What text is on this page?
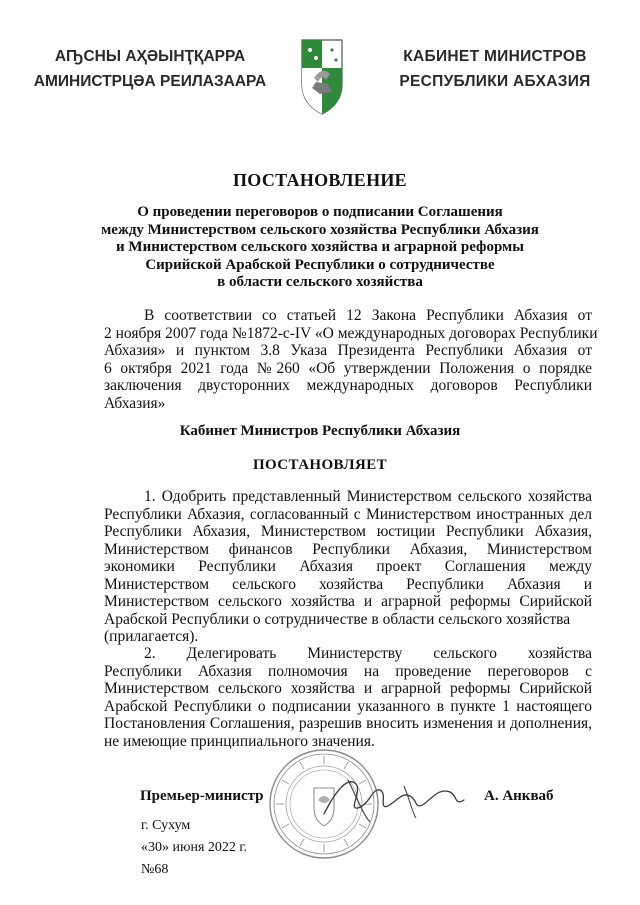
АҦСНЫ АҲӘЫНҬҚАРРА
АМИНИСТРЦӘА РЕИЛАЗААРА
КАБИНЕТ МИНИСТРОВ
РЕСПУБЛИКИ АБХАЗИЯ
ПОСТАНОВЛЕНИЕ
О проведении переговоров о подписании Соглашения
между Министерством сельского хозяйства Республики Абхазия
и Министерством сельского хозяйства и аграрной реформы
Сирийской Арабской Республики о сотрудничестве
в области сельского хозяйства
В соответствии со статьей 12 Закона Республики Абхазия от
2 ноября 2007 года №1872-с-IV «О международных договорах Республики
Абхазия» и пунктом 3.8 Указа Президента Республики Абхазия от
6 октября 2021 года №260 «Об утверждении Положения о порядке
заключения двусторонних международных договоров Республики
Абхазия»
Кабинет Министров Республики Абхазия
ПОСТАНОВЛЯЕТ
1. Одобрить представленный Министерством сельского хозяйства
Республики Абхазия, согласованный с Министерством иностранных дел
Республики Абхазия, Министерством юстиции Республики Абхазия,
Министерством финансов Республики Абхазия, Министерством
экономики Республики Абхазия проект Соглашения между
Министерством сельского хозяйства Республики Абхазия и
Министерством сельского хозяйства и аграрной реформы Сирийской
Арабской Республики о сотрудничестве в области сельского хозяйства
(прилагается).
2. Делегировать Министерству сельского хозяйства
Республики Абхазия полномочия на проведение переговоров с
Министерством сельского хозяйства и аграрной реформы Сирийской
Арабской Республики о подписании указанного в пункте 1 настоящего
Постановления Соглашения, разрешив вносить изменения и дополнения,
не имеющие принципиального значения.
Премьер-министр	А. Анкваб
г. Сухум
«30» июня 2022 г.
№68
